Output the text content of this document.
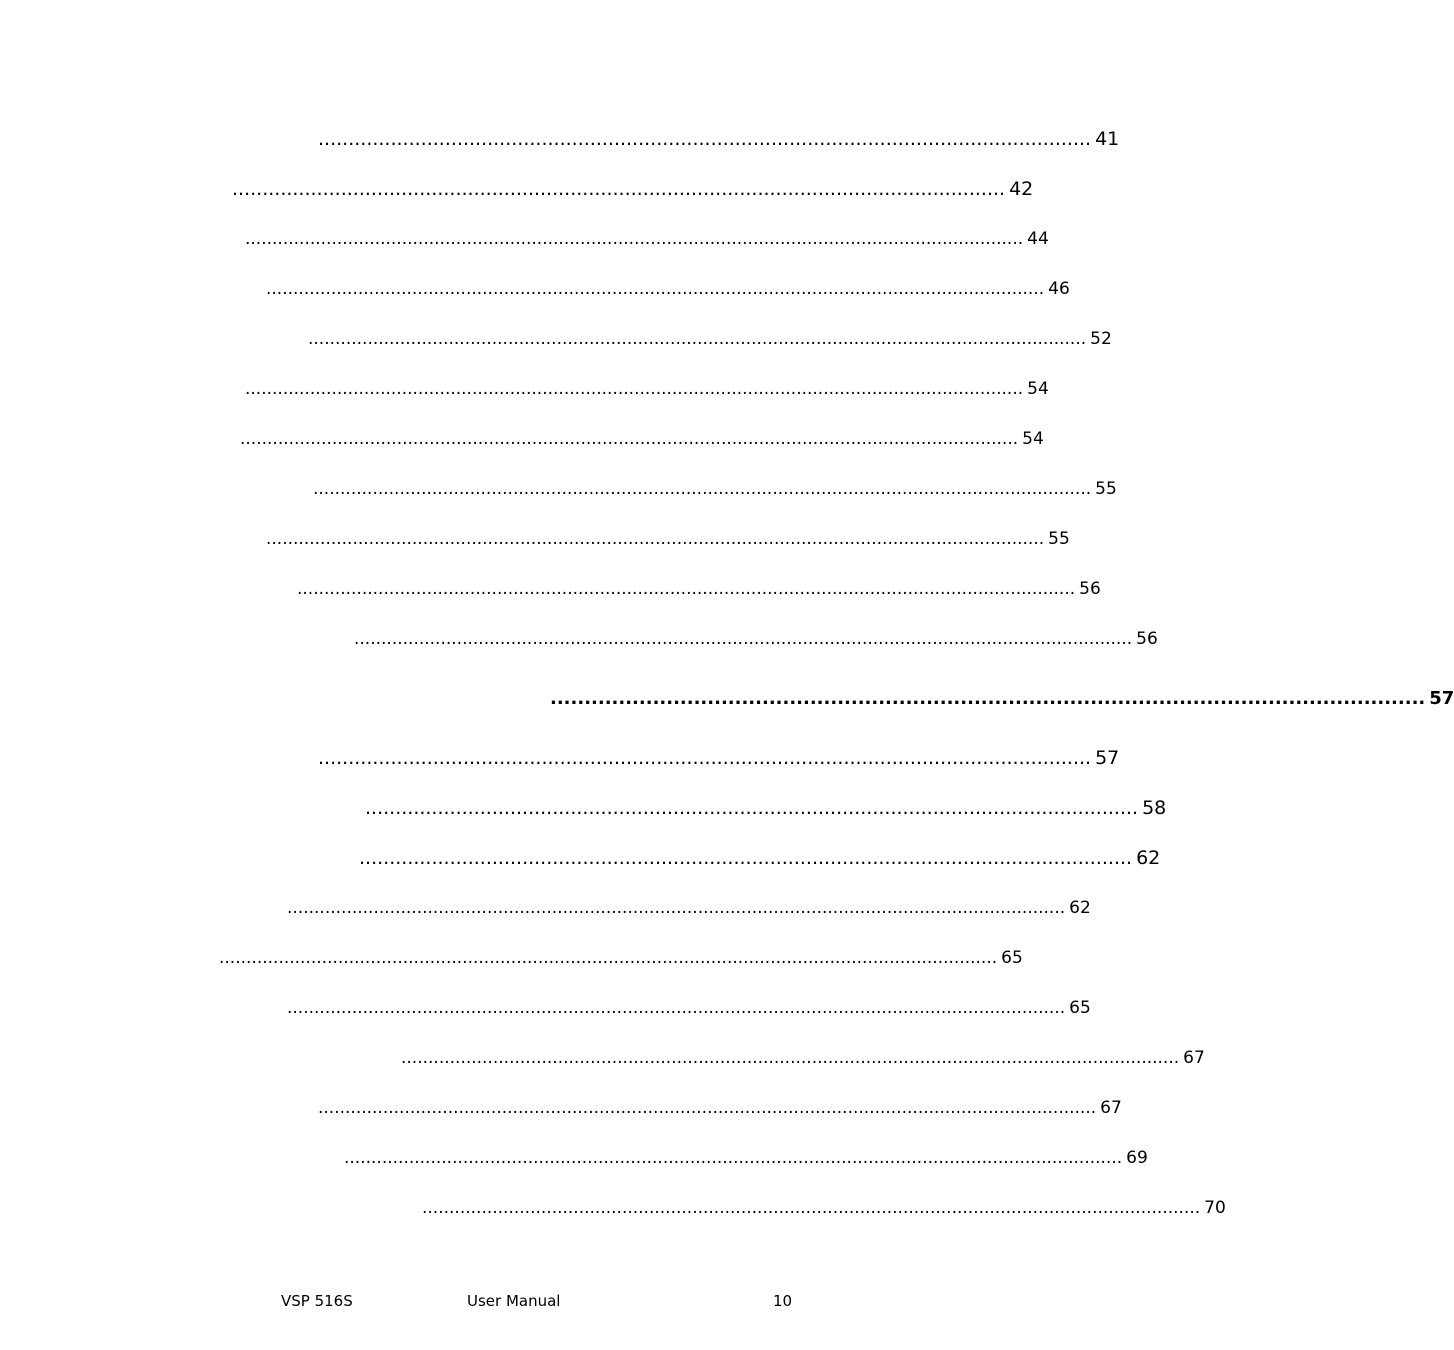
................................................................................................................................ 41
................................................................................................................................ 42
................................................................................................................................................ 44
................................................................................................................................................ 46
................................................................................................................................................ 52
................................................................................................................................................ 54
................................................................................................................................................ 54
................................................................................................................................................ 55
................................................................................................................................................ 55
................................................................................................................................................ 56
................................................................................................................................................ 56
................................................................................................................................ 57
................................................................................................................................ 57
................................................................................................................................ 58
................................................................................................................................ 62
................................................................................................................................................ 62
................................................................................................................................................ 65
................................................................................................................................................ 65
................................................................................................................................................ 67
................................................................................................................................................ 67
................................................................................................................................................ 69
................................................................................................................................................ 70
VSP 516S	User Manual	10
